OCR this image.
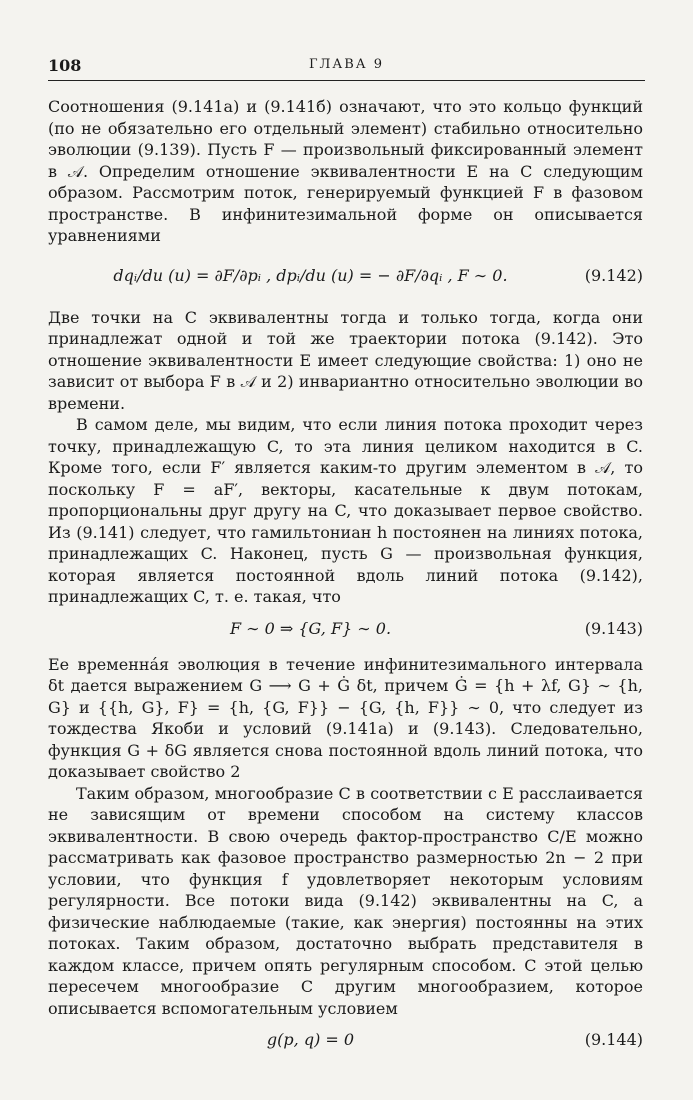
108	ГЛАВА 9

Соотношения (9.141a) и (9.141б) означают, что это кольцо функций (по не обязательно его отдельный элемент) стабильно относительно эволюции (9.139). Пусть F — произвольный фиксированный элемент в 𝒜. Определим отношение эквивалентности E на C следующим образом. Рассмотрим поток, генерируемый функцией F в фазовом пространстве. В инфинитезимальной форме он описывается уравнениями

dqᵢ/du (u) = ∂F/∂pᵢ , dpᵢ/du (u) = − ∂F/∂qᵢ , F ∼ 0.	(9.142)

Две точки на C эквивалентны тогда и только тогда, когда они принадлежат одной и той же траектории потока (9.142). Это отношение эквивалентности E имеет следующие свойства: 1) оно не зависит от выбора F в 𝒜 и 2) инвариантно относительно эволюции во времени.

В самом деле, мы видим, что если линия потока проходит через точку, принадлежащую C, то эта линия целиком находится в C. Кроме того, если F′ является каким-то другим элементом в 𝒜, то поскольку F = aF′, векторы, касательные к двум потокам, пропорциональны друг другу на C, что доказывает первое свойство. Из (9.141) следует, что гамильтониан h постоянен на линиях потока, принадлежащих C. Наконец, пусть G — произвольная функция, которая является постоянной вдоль линий потока (9.142), принадлежащих C, т. е. такая, что

F ∼ 0 ⇒ {G, F} ∼ 0.	(9.143)

Ее временна́я эволюция в течение инфинитезимального интервала δt дается выражением G ⟶ G + Ġ δt, причем Ġ = {h + λf, G} ∼ {h, G} и {{h, G}, F} = {h, {G, F}} − {G, {h, F}} ∼ 0, что следует из тождества Якоби и условий (9.141a) и (9.143). Следовательно, функция G + δG является снова постоянной вдоль линий потока, что доказывает свойство 2

Таким образом, многообразие C в соответствии с E расслаивается не зависящим от времени способом на систему классов эквивалентности. В свою очередь фактор-пространство C/E можно рассматривать как фазовое пространство размерностью 2n − 2 при условии, что функция f удовлетворяет некоторым условиям регулярности. Все потоки вида (9.142) эквивалентны на C, а физические наблюдаемые (такие, как энергия) постоянны на этих потоках. Таким образом, достаточно выбрать представителя в каждом классе, причем опять регулярным способом. С этой целью пересечем многообразие C другим многообразием, которое описывается вспомогательным условием

g(p, q) = 0	(9.144)
